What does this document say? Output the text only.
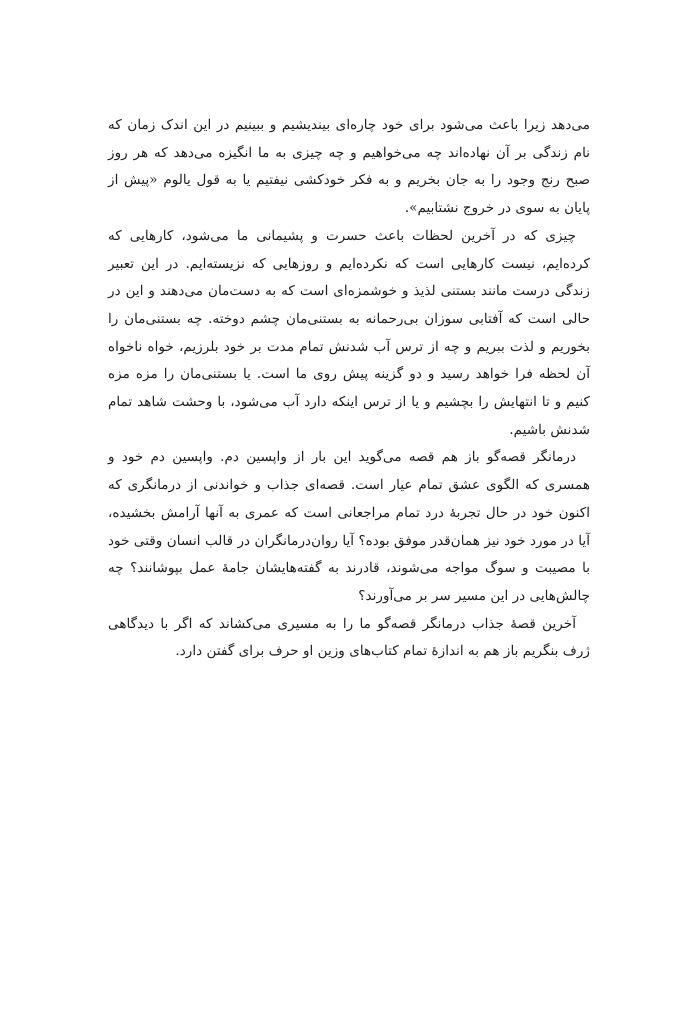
می‌دهد زیرا باعث می‌شود برای خود چاره‌ای بیندیشیم و ببینیم در این اندک زمان که نام زندگی بر آن نهاده‌اند چه می‌خواهیم و چه چیزی به ما انگیزه می‌دهد که هر روز صبح رنج وجود را به جان بخریم و به فکر خودکشی نیفتیم یا به قول یالوم «پیش از پایان به سوی در خروج نشتابیم».

چیزی که در آخرین لحظات باعث حسرت و پشیمانی ما می‌شود، کارهایی که کرده‌ایم، نیست کارهایی است که نکرده‌ایم و روزهایی که نزیسته‌ایم. در این تعبیر زندگی درست مانند بستنی لذیذ و خوشمزه‌ای است که به دست‌مان می‌دهند و این در حالی است که آفتابی سوزان بی‌رحمانه به بستنی‌مان چشم دوخته. چه بستنی‌مان را بخوریم و لذت ببریم و چه از ترس آب شدنش تمام مدت بر خود بلرزیم، خواه ناخواه آن لحظه فرا خواهد رسید و دو گزینه پیش روی ما است. یا بستنی‌مان را مزه مزه کنیم و تا انتهایش را بچشیم و یا از ترس اینکه دارد آب می‌شود، با وحشت شاهد تمام شدنش باشیم.

درمانگر قصه‌گو باز هم قصه می‌گوید این بار از واپسین دم. واپسین دم خود و همسری که الگوی عشق تمام عیار است. قصه‌ای جذاب و خواندنی از درمانگری که اکنون خود در حال تجربهٔ درد تمام مراجعانی است که عمری به آنها آرامش بخشیده، آیا در مورد خود نیز همان‌قدر موفق بوده؟ آیا روان‌درمانگران در قالب انسان وقتی خود با مصیبت و سوگ مواجه می‌شوند، قادرند به گفته‌هایشان جامهٔ عمل بپوشانند؟ چه چالش‌هایی در این مسیر سر بر می‌آورند؟

آخرین قصهٔ جذاب درمانگر قصه‌گو ما را به مسیری می‌کشاند که اگر با دیدگاهی ژرف بنگریم باز هم به اندازهٔ تمام کتاب‌های وزین او حرف برای گفتن دارد.
